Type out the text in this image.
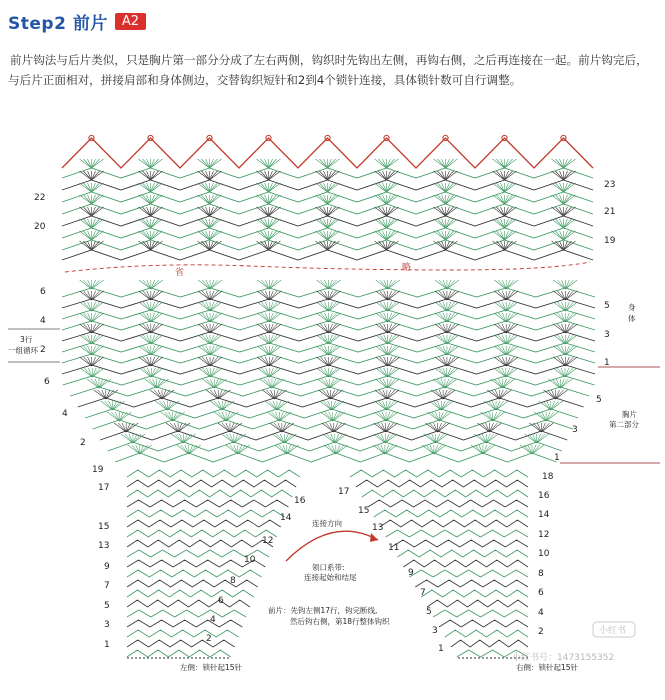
Step2 前片	A2
前片钩法与后片类似，只是胸片第一部分分成了左右两侧，钩织时先钩出左侧，再钩右侧，之后再连接在一起。前片钩完后，与后片正面相对，拼接肩部和身体侧边，交替钩织短针和2到4个锁针连接，具体锁针数可自行调整。
省	略
23
21
19
22
20
6
4
2
5
3
1
3行
一组循环
身
体
6
4
2
5
3
1
胸片
第二部分
19
17
15
13
9
7
5
3
1
16
14
12
10
8
6
4
2
18
16
14
12
10
8
6
4
2
17
15
13
11
9
7
5
3
1
连接方向
领口系带:
连接起始和结尾
前片：先钩左侧17行，钩完断线,
然后钩右侧，第18行整体钩织
左侧：锁针起15针	右侧：锁针起15针
小红书
小红书号：1473155352
